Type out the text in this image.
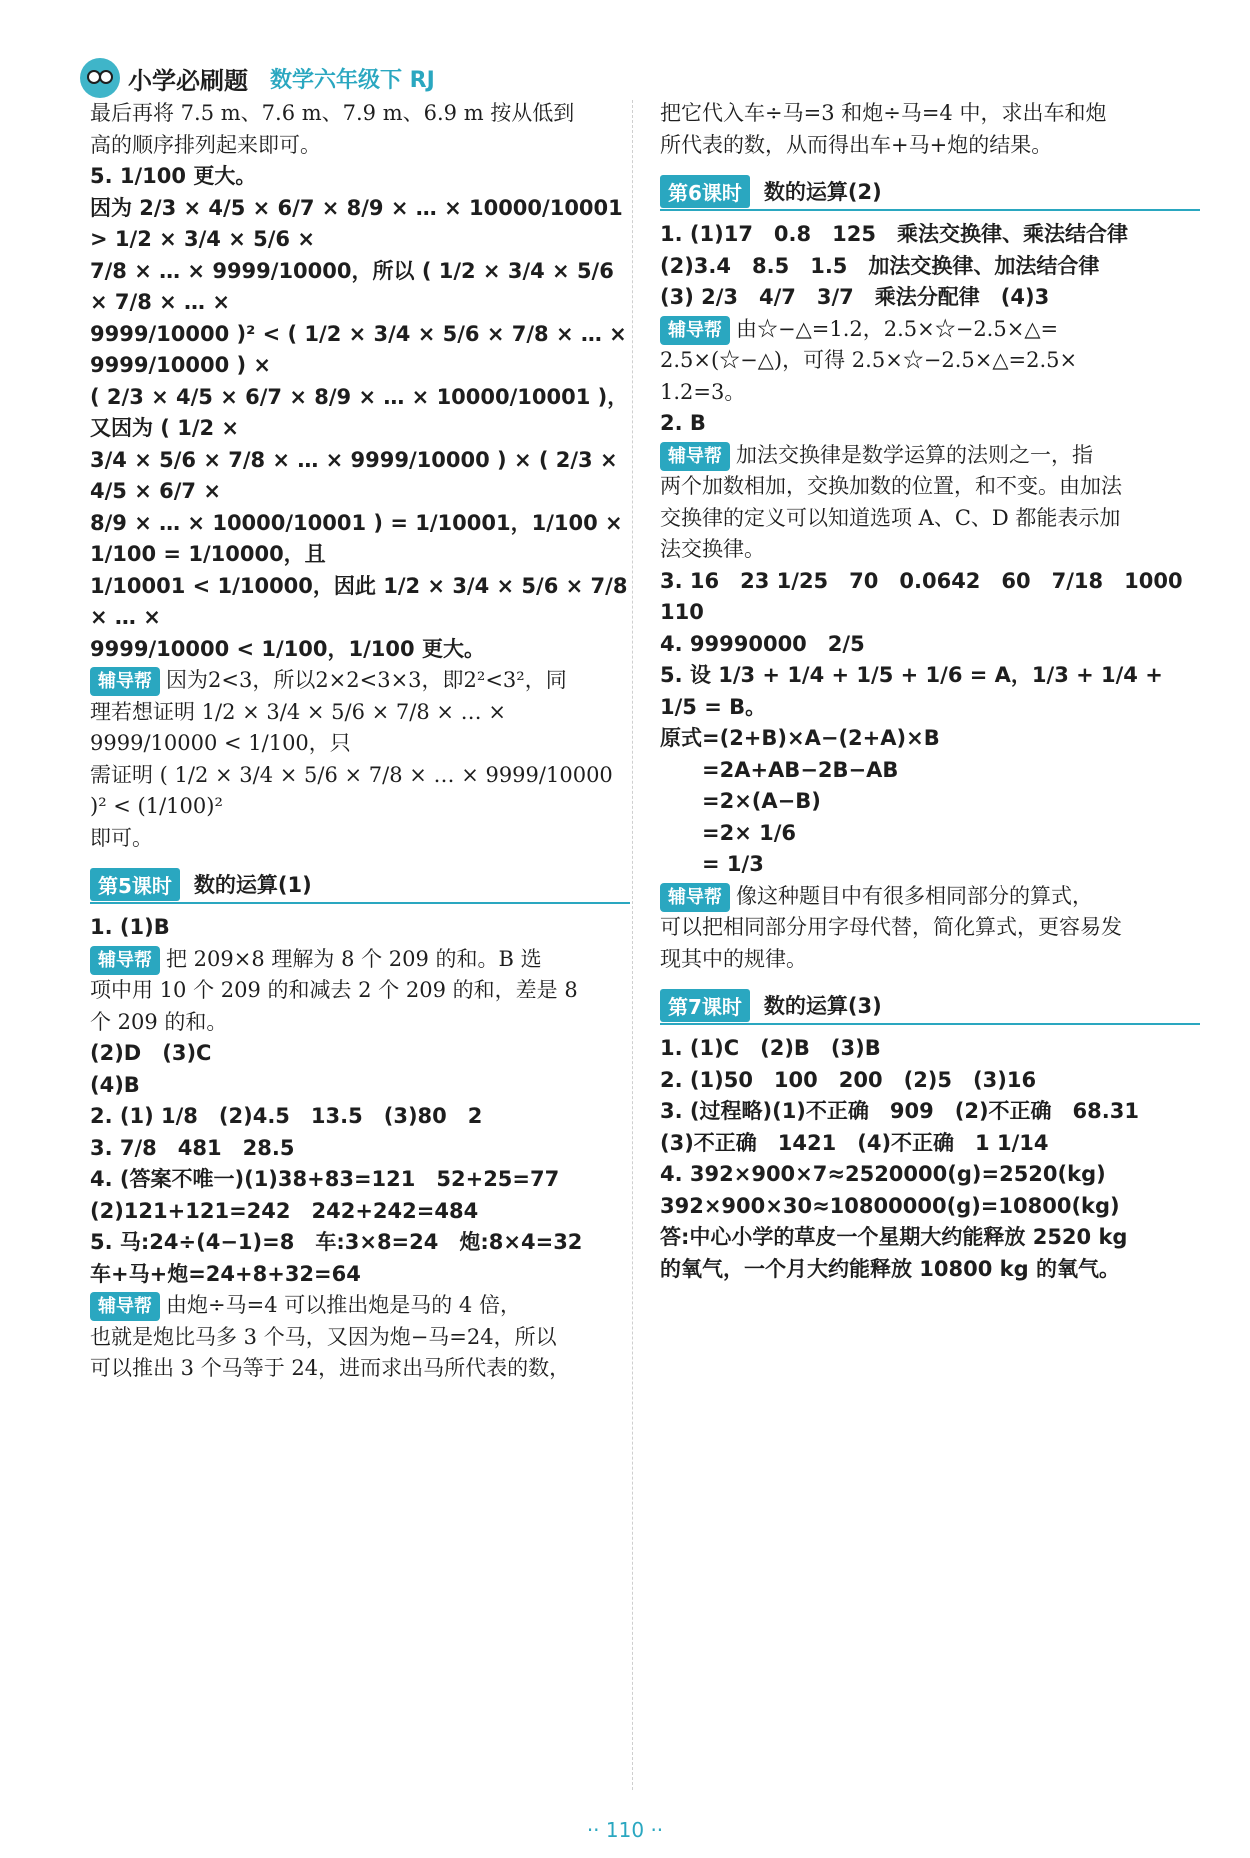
小学必刷题 数学六年级下 RJ

最后再将 7.5 m、7.6 m、7.9 m、6.9 m 按从低到

高的顺序排列起来即可。

5. 1/100 更大。

因为 2/3 × 4/5 × 6/7 × 8/9 × … × 10000/10001 > 1/2 × 3/4 × 5/6 ×

7/8 × … × 9999/10000，所以 ( 1/2 × 3/4 × 5/6 × 7/8 × … ×

9999/10000 )² < ( 1/2 × 3/4 × 5/6 × 7/8 × … × 9999/10000 ) ×

( 2/3 × 4/5 × 6/7 × 8/9 × … × 10000/10001 )，又因为 ( 1/2 ×

3/4 × 5/6 × 7/8 × … × 9999/10000 ) × ( 2/3 × 4/5 × 6/7 ×

8/9 × … × 10000/10001 ) = 1/10001，1/100 × 1/100 = 1/10000，且

1/10001 < 1/10000，因此 1/2 × 3/4 × 5/6 × 7/8 × … ×

9999/10000 < 1/100，1/100 更大。

辅导帮 因为2<3，所以2×2<3×3，即2²<3²，同

理若想证明 1/2 × 3/4 × 5/6 × 7/8 × … × 9999/10000 < 1/100，只

需证明 ( 1/2 × 3/4 × 5/6 × 7/8 × … × 9999/10000 )² < (1/100)²

即可。

第5课时	数的运算(1)

1. (1)B

辅导帮 把 209×8 理解为 8 个 209 的和。B 选

项中用 10 个 209 的和减去 2 个 209 的和，差是 8

个 209 的和。

(2)D　(3)C

(4)B

2. (1) 1/8　(2)4.5　13.5　(3)80　2

3. 7/8　481　28.5

4. (答案不唯一)(1)38+83=121　52+25=77

(2)121+121=242　242+242=484

5. 马:24÷(4−1)=8　车:3×8=24　炮:8×4=32

车+马+炮=24+8+32=64

辅导帮 由炮÷马=4 可以推出炮是马的 4 倍，

也就是炮比马多 3 个马，又因为炮−马=24，所以

可以推出 3 个马等于 24，进而求出马所代表的数，

把它代入车÷马=3 和炮÷马=4 中，求出车和炮

所代表的数，从而得出车+马+炮的结果。

第6课时	数的运算(2)

1. (1)17　0.8　125　乘法交换律、乘法结合律

(2)3.4　8.5　1.5　加法交换律、加法结合律

(3) 2/3　4/7　3/7　乘法分配律　(4)3

辅导帮 由☆−△=1.2，2.5×☆−2.5×△=

2.5×(☆−△)，可得 2.5×☆−2.5×△=2.5×

1.2=3。

2. B

辅导帮 加法交换律是数学运算的法则之一，指

两个加数相加，交换加数的位置，和不变。由加法

交换律的定义可以知道选项 A、C、D 都能表示加

法交换律。

3. 16　23 1/25　70　0.0642　60　7/18　1000　110

4. 99990000　2/5

5. 设 1/3 + 1/4 + 1/5 + 1/6 = A，1/3 + 1/4 + 1/5 = B。

原式=(2+B)×A−(2+A)×B

　　=2A+AB−2B−AB

　　=2×(A−B)

　　=2× 1/6

　　= 1/3

辅导帮 像这种题目中有很多相同部分的算式，

可以把相同部分用字母代替，简化算式，更容易发

现其中的规律。

第7课时	数的运算(3)

1. (1)C　(2)B　(3)B

2. (1)50　100　200　(2)5　(3)16

3. (过程略)(1)不正确　909　(2)不正确　68.31

(3)不正确　1421　(4)不正确　1 1/14

4. 392×900×7≈2520000(g)=2520(kg)

392×900×30≈10800000(g)=10800(kg)

答:中心小学的草皮一个星期大约能释放 2520 kg

的氧气，一个月大约能释放 10800 kg 的氧气。

·· 110 ··
